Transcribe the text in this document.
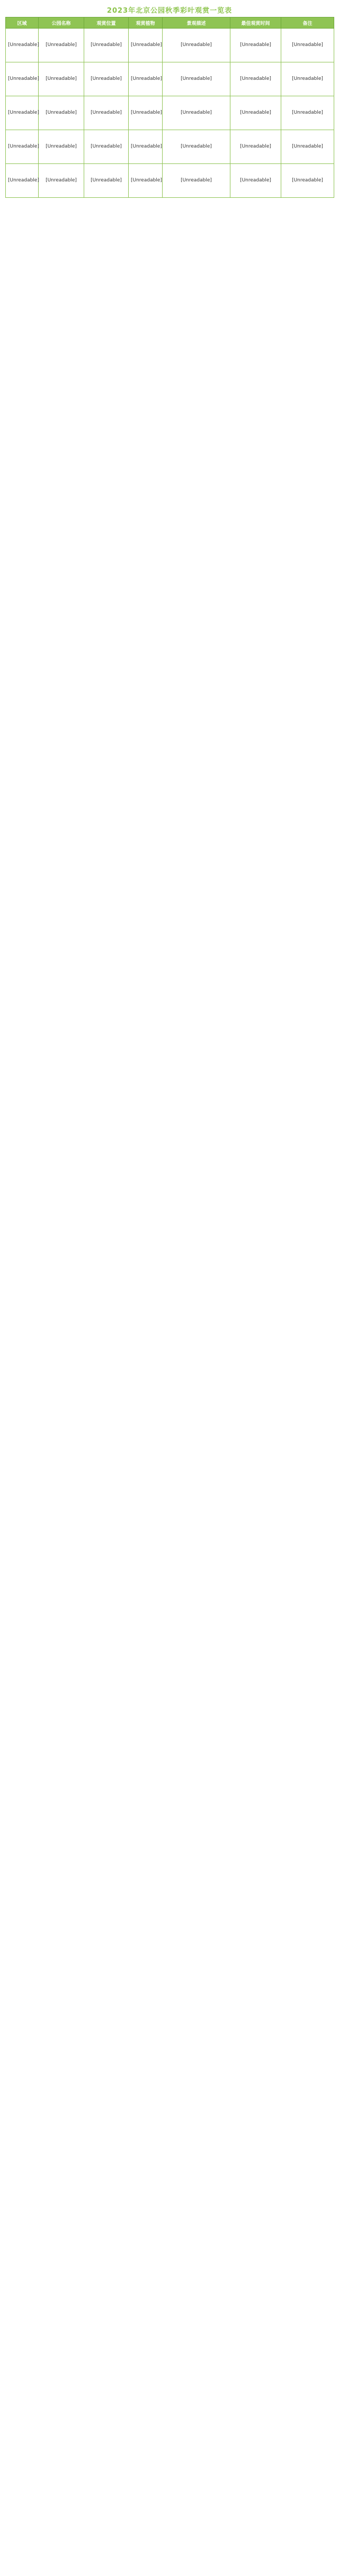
2023年北京公园秋季彩叶观赏一览表
区域	公园名称	观赏位置	观赏植物	景观描述	最佳观赏时间	备注
[Unreadable]	[Unreadable]	[Unreadable]	[Unreadable]	[Unreadable]	[Unreadable]	[Unreadable]
[Unreadable]	[Unreadable]	[Unreadable]	[Unreadable]	[Unreadable]	[Unreadable]	[Unreadable]
[Unreadable]	[Unreadable]	[Unreadable]	[Unreadable]	[Unreadable]	[Unreadable]	[Unreadable]
[Unreadable]	[Unreadable]	[Unreadable]	[Unreadable]	[Unreadable]	[Unreadable]	[Unreadable]
[Unreadable]	[Unreadable]	[Unreadable]	[Unreadable]	[Unreadable]	[Unreadable]	[Unreadable]
